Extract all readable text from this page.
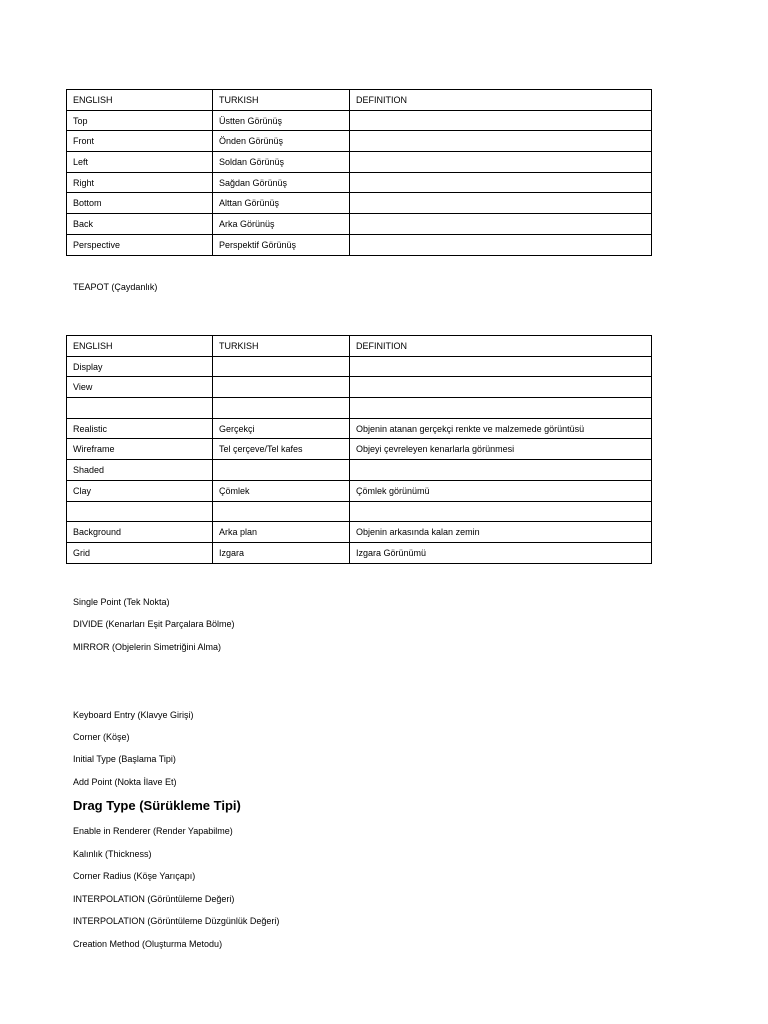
ENGLISH	TURKISH	DEFINITION
Top	Üstten Görünüş	
Front	Önden Görünüş	
Left	Soldan Görünüş	
Right	Sağdan Görünüş	
Bottom	Alttan Görünüş	
Back	Arka Görünüş	
Perspective	Perspektif Görünüş	
TEAPOT (Çaydanlık)
ENGLISH	TURKISH	DEFINITION
Display		
View		

Realistic	Gerçekçi	Objenin atanan gerçekçi renkte ve malzemede görüntüsü
Wireframe	Tel çerçeve/Tel kafes	Objeyi çevreleyen kenarlarla görünmesi
Shaded		
Clay	Çömlek	Çömlek görünümü

Background	Arka plan	Objenin arkasında kalan zemin
Grid	Izgara	Izgara Görünümü
Single Point (Tek Nokta)
DIVIDE (Kenarları Eşit Parçalara Bölme)
MIRROR (Objelerin Simetriğini Alma)
Keyboard Entry (Klavye Girişi)
Corner (Köşe)
Initial Type (Başlama Tipi)
Add Point (Nokta İlave Et)
Drag Type (Sürükleme Tipi)
Enable in Renderer (Render Yapabilme)
Kalınlık (Thickness)
Corner Radius (Köşe Yarıçapı)
INTERPOLATION (Görüntüleme Değeri)
INTERPOLATION (Görüntüleme Düzgünlük Değeri)
Creation Method (Oluşturma Metodu)
